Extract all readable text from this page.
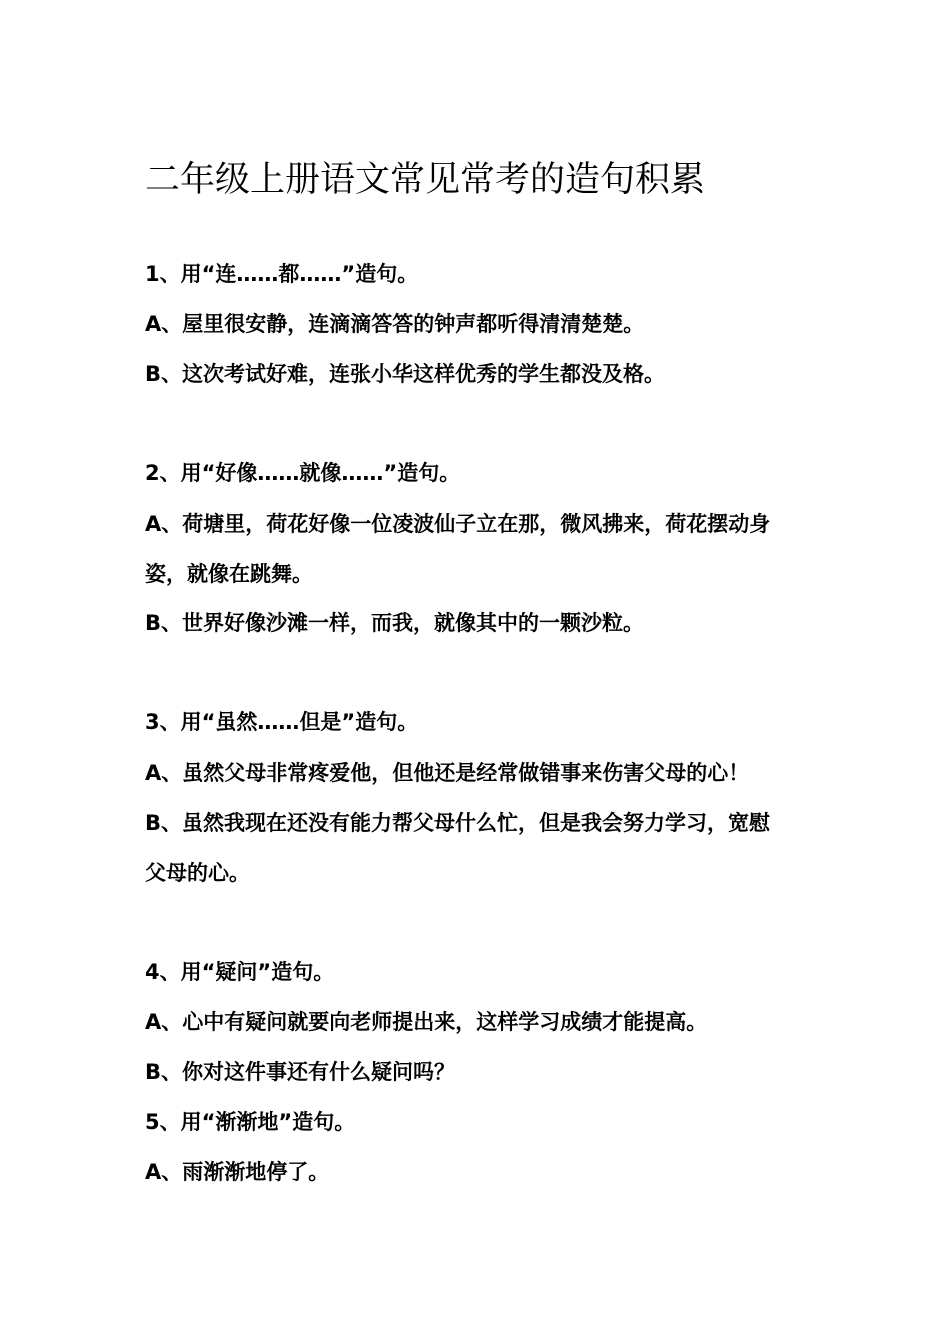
二年级上册语文常见常考的造句积累

1、用“连……都……”造句。

A、屋里很安静，连滴滴答答的钟声都听得清清楚楚。

B、这次考试好难，连张小华这样优秀的学生都没及格。

2、用“好像……就像……”造句。

A、荷塘里，荷花好像一位凌波仙子立在那，微风拂来，荷花摆动身

姿，就像在跳舞。

B、世界好像沙滩一样，而我，就像其中的一颗沙粒。

3、用“虽然……但是”造句。

A、虽然父母非常疼爱他，但他还是经常做错事来伤害父母的心！

B、虽然我现在还没有能力帮父母什么忙，但是我会努力学习，宽慰

父母的心。

4、用“疑问”造句。

A、心中有疑问就要向老师提出来，这样学习成绩才能提高。

B、你对这件事还有什么疑问吗？

5、用“渐渐地”造句。

A、雨渐渐地停了。
